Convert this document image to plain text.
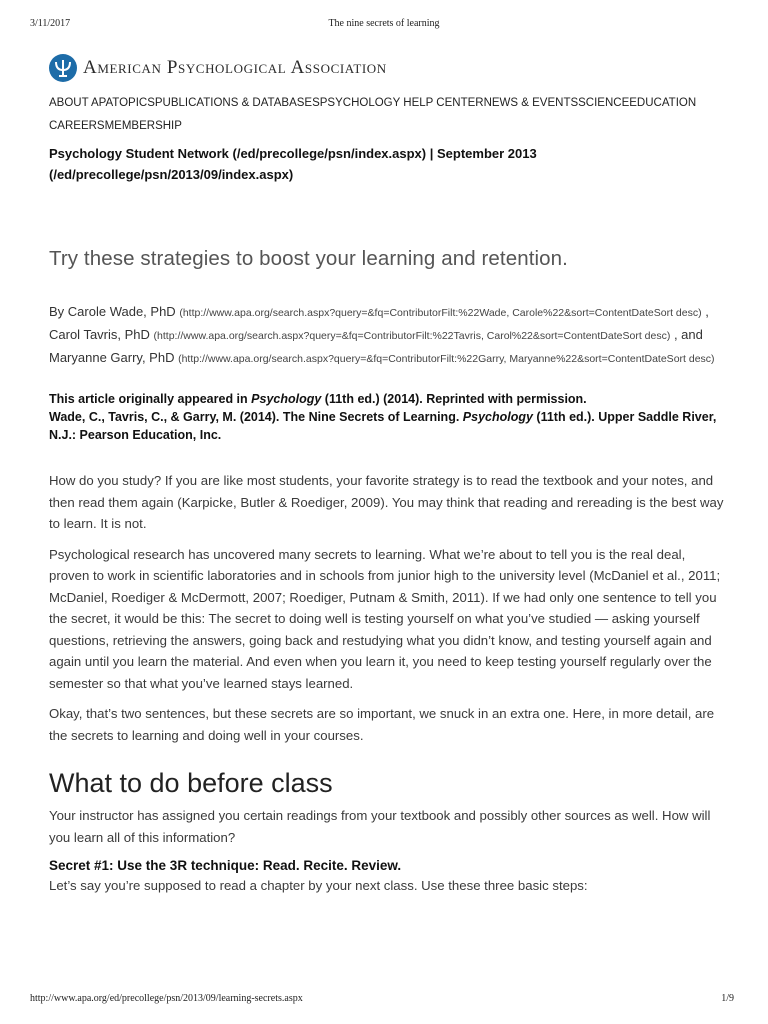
3/11/2017	The nine secrets of learning
American Psychological Association
ABOUT APATOPICSPUBLICATIONS & DATABASESPSYCHOLOGY HELP CENTERNEWS & EVENTSSCIENCEEDUCATION CAREERSMEMBERSHIP
Psychology Student Network (/ed/precollege/psn/index.aspx) | September 2013
(/ed/precollege/psn/2013/09/index.aspx)
Try these strategies to boost your learning and retention.
By Carole Wade, PhD (http://www.apa.org/search.aspx?query=&fq=ContributorFilt:%22Wade, Carole%22&sort=ContentDateSort desc) , Carol Tavris, PhD (http://www.apa.org/search.aspx?query=&fq=ContributorFilt:%22Tavris, Carol%22&sort=ContentDateSort desc) , and Maryanne Garry, PhD (http://www.apa.org/search.aspx?query=&fq=ContributorFilt:%22Garry, Maryanne%22&sort=ContentDateSort desc)
This article originally appeared in Psychology (11th ed.) (2014). Reprinted with permission.
Wade, C., Tavris, C., & Garry, M. (2014). The Nine Secrets of Learning. Psychology (11th ed.). Upper Saddle River, N.J.: Pearson Education, Inc.

How do you study? If you are like most students, your favorite strategy is to read the textbook and your notes, and then read them again (Karpicke, Butler & Roediger, 2009). You may think that reading and rereading is the best way to learn. It is not.

Psychological research has uncovered many secrets to learning. What we’re about to tell you is the real deal, proven to work in scientific laboratories and in schools from junior high to the university level (McDaniel et al., 2011; McDaniel, Roediger & McDermott, 2007; Roediger, Putnam & Smith, 2011). If we had only one sentence to tell you the secret, it would be this: The secret to doing well is testing yourself on what you’ve studied — asking yourself questions, retrieving the answers, going back and restudying what you didn’t know, and testing yourself again and again until you learn the material. And even when you learn it, you need to keep testing yourself regularly over the semester so that what you’ve learned stays learned.

Okay, that’s two sentences, but these secrets are so important, we snuck in an extra one. Here, in more detail, are the secrets to learning and doing well in your courses.

What to do before class

Your instructor has assigned you certain readings from your textbook and possibly other sources as well. How will you learn all of this information?

Secret #1: Use the 3R technique: Read. Recite. Review.

Let’s say you’re supposed to read a chapter by your next class. Use these three basic steps:

http://www.apa.org/ed/precollege/psn/2013/09/learning-secrets.aspx	1/9
